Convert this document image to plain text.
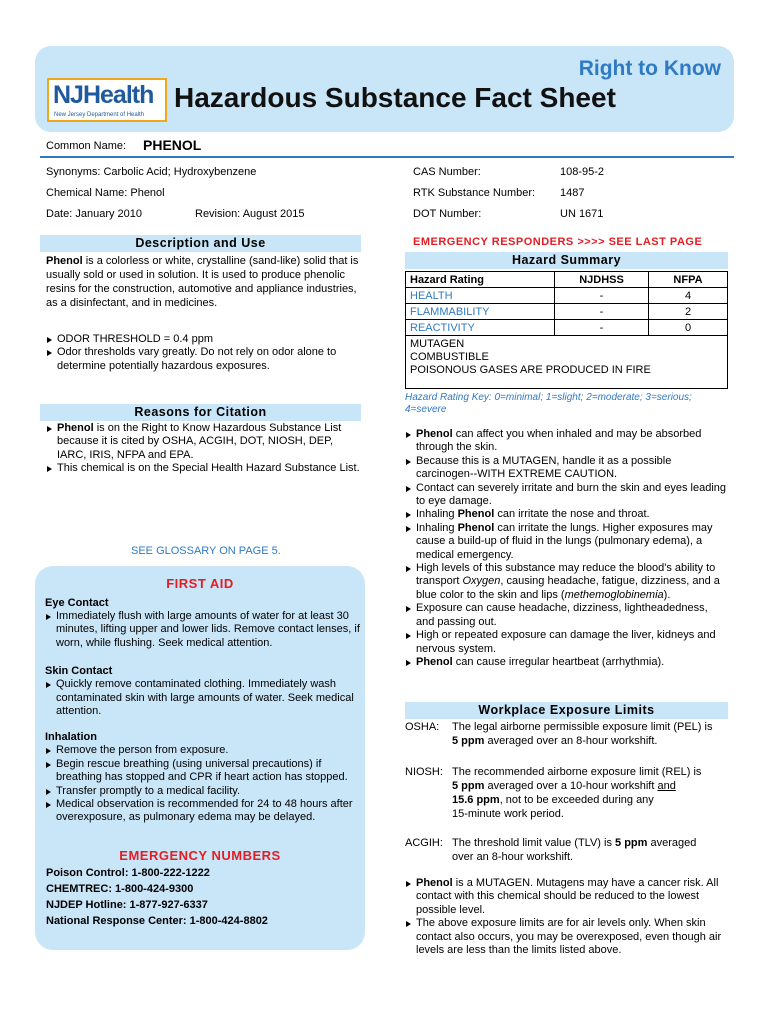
NJHealth
New Jersey Department of Health
Right to Know
Hazardous Substance Fact Sheet
Common Name: PHENOL
Synonyms: Carbolic Acid; Hydroxybenzene
Chemical Name: Phenol
Date: January 2010	Revision: August 2015
CAS Number:	108-95-2
RTK Substance Number: 1487
DOT Number:	UN 1671
Description and Use
Phenol is a colorless or white, crystalline (sand-like) solid that is usually sold or used in solution. It is used to produce phenolic resins for the construction, automotive and appliance industries, as a disinfectant, and in medicines.
ODOR THRESHOLD = 0.4 ppm
Odor thresholds vary greatly. Do not rely on odor alone to determine potentially hazardous exposures.
Reasons for Citation
Phenol is on the Right to Know Hazardous Substance List because it is cited by OSHA, ACGIH, DOT, NIOSH, DEP, IARC, IRIS, NFPA and EPA.
This chemical is on the Special Health Hazard Substance List.
SEE GLOSSARY ON PAGE 5.
FIRST AID
Eye Contact
Immediately flush with large amounts of water for at least 30 minutes, lifting upper and lower lids. Remove contact lenses, if worn, while flushing. Seek medical attention.
Skin Contact
Quickly remove contaminated clothing. Immediately wash contaminated skin with large amounts of water. Seek medical attention.
Inhalation
Remove the person from exposure.
Begin rescue breathing (using universal precautions) if breathing has stopped and CPR if heart action has stopped.
Transfer promptly to a medical facility.
Medical observation is recommended for 24 to 48 hours after overexposure, as pulmonary edema may be delayed.
EMERGENCY NUMBERS
Poison Control: 1-800-222-1222
CHEMTREC: 1-800-424-9300
NJDEP Hotline: 1-877-927-6337
National Response Center: 1-800-424-8802
EMERGENCY RESPONDERS >>>> SEE LAST PAGE
Hazard Summary
Hazard Rating	NJDHSS	NFPA
HEALTH	-	4
FLAMMABILITY	-	2
REACTIVITY	-	0

MUTAGEN
COMBUSTIBLE
POISONOUS GASES ARE PRODUCED IN FIRE		
Hazard Rating Key: 0=minimal; 1=slight; 2=moderate; 3=serious; 4=severe
Phenol can affect you when inhaled and may be absorbed through the skin.
Because this is a MUTAGEN, handle it as a possible carcinogen--WITH EXTREME CAUTION.
Contact can severely irritate and burn the skin and eyes leading to eye damage.
Inhaling Phenol can irritate the nose and throat.
Inhaling Phenol can irritate the lungs. Higher exposures may cause a build-up of fluid in the lungs (pulmonary edema), a medical emergency.
High levels of this substance may reduce the blood's ability to transport Oxygen, causing headache, fatigue, dizziness, and a blue color to the skin and lips (methemoglobinemia).
Exposure can cause headache, dizziness, lightheadedness, and passing out.
High or repeated exposure can damage the liver, kidneys and nervous system.
Phenol can cause irregular heartbeat (arrhythmia).
Workplace Exposure Limits
OSHA: The legal airborne permissible exposure limit (PEL) is
5 ppm averaged over an 8-hour workshift.
NIOSH: The recommended airborne exposure limit (REL) is
5 ppm averaged over a 10-hour workshift and
15.6 ppm, not to be exceeded during any
15-minute work period.
ACGIH: The threshold limit value (TLV) is 5 ppm averaged
over an 8-hour workshift.
Phenol is a MUTAGEN. Mutagens may have a cancer risk. All contact with this chemical should be reduced to the lowest possible level.
The above exposure limits are for air levels only. When skin contact also occurs, you may be overexposed, even though air levels are less than the limits listed above.
